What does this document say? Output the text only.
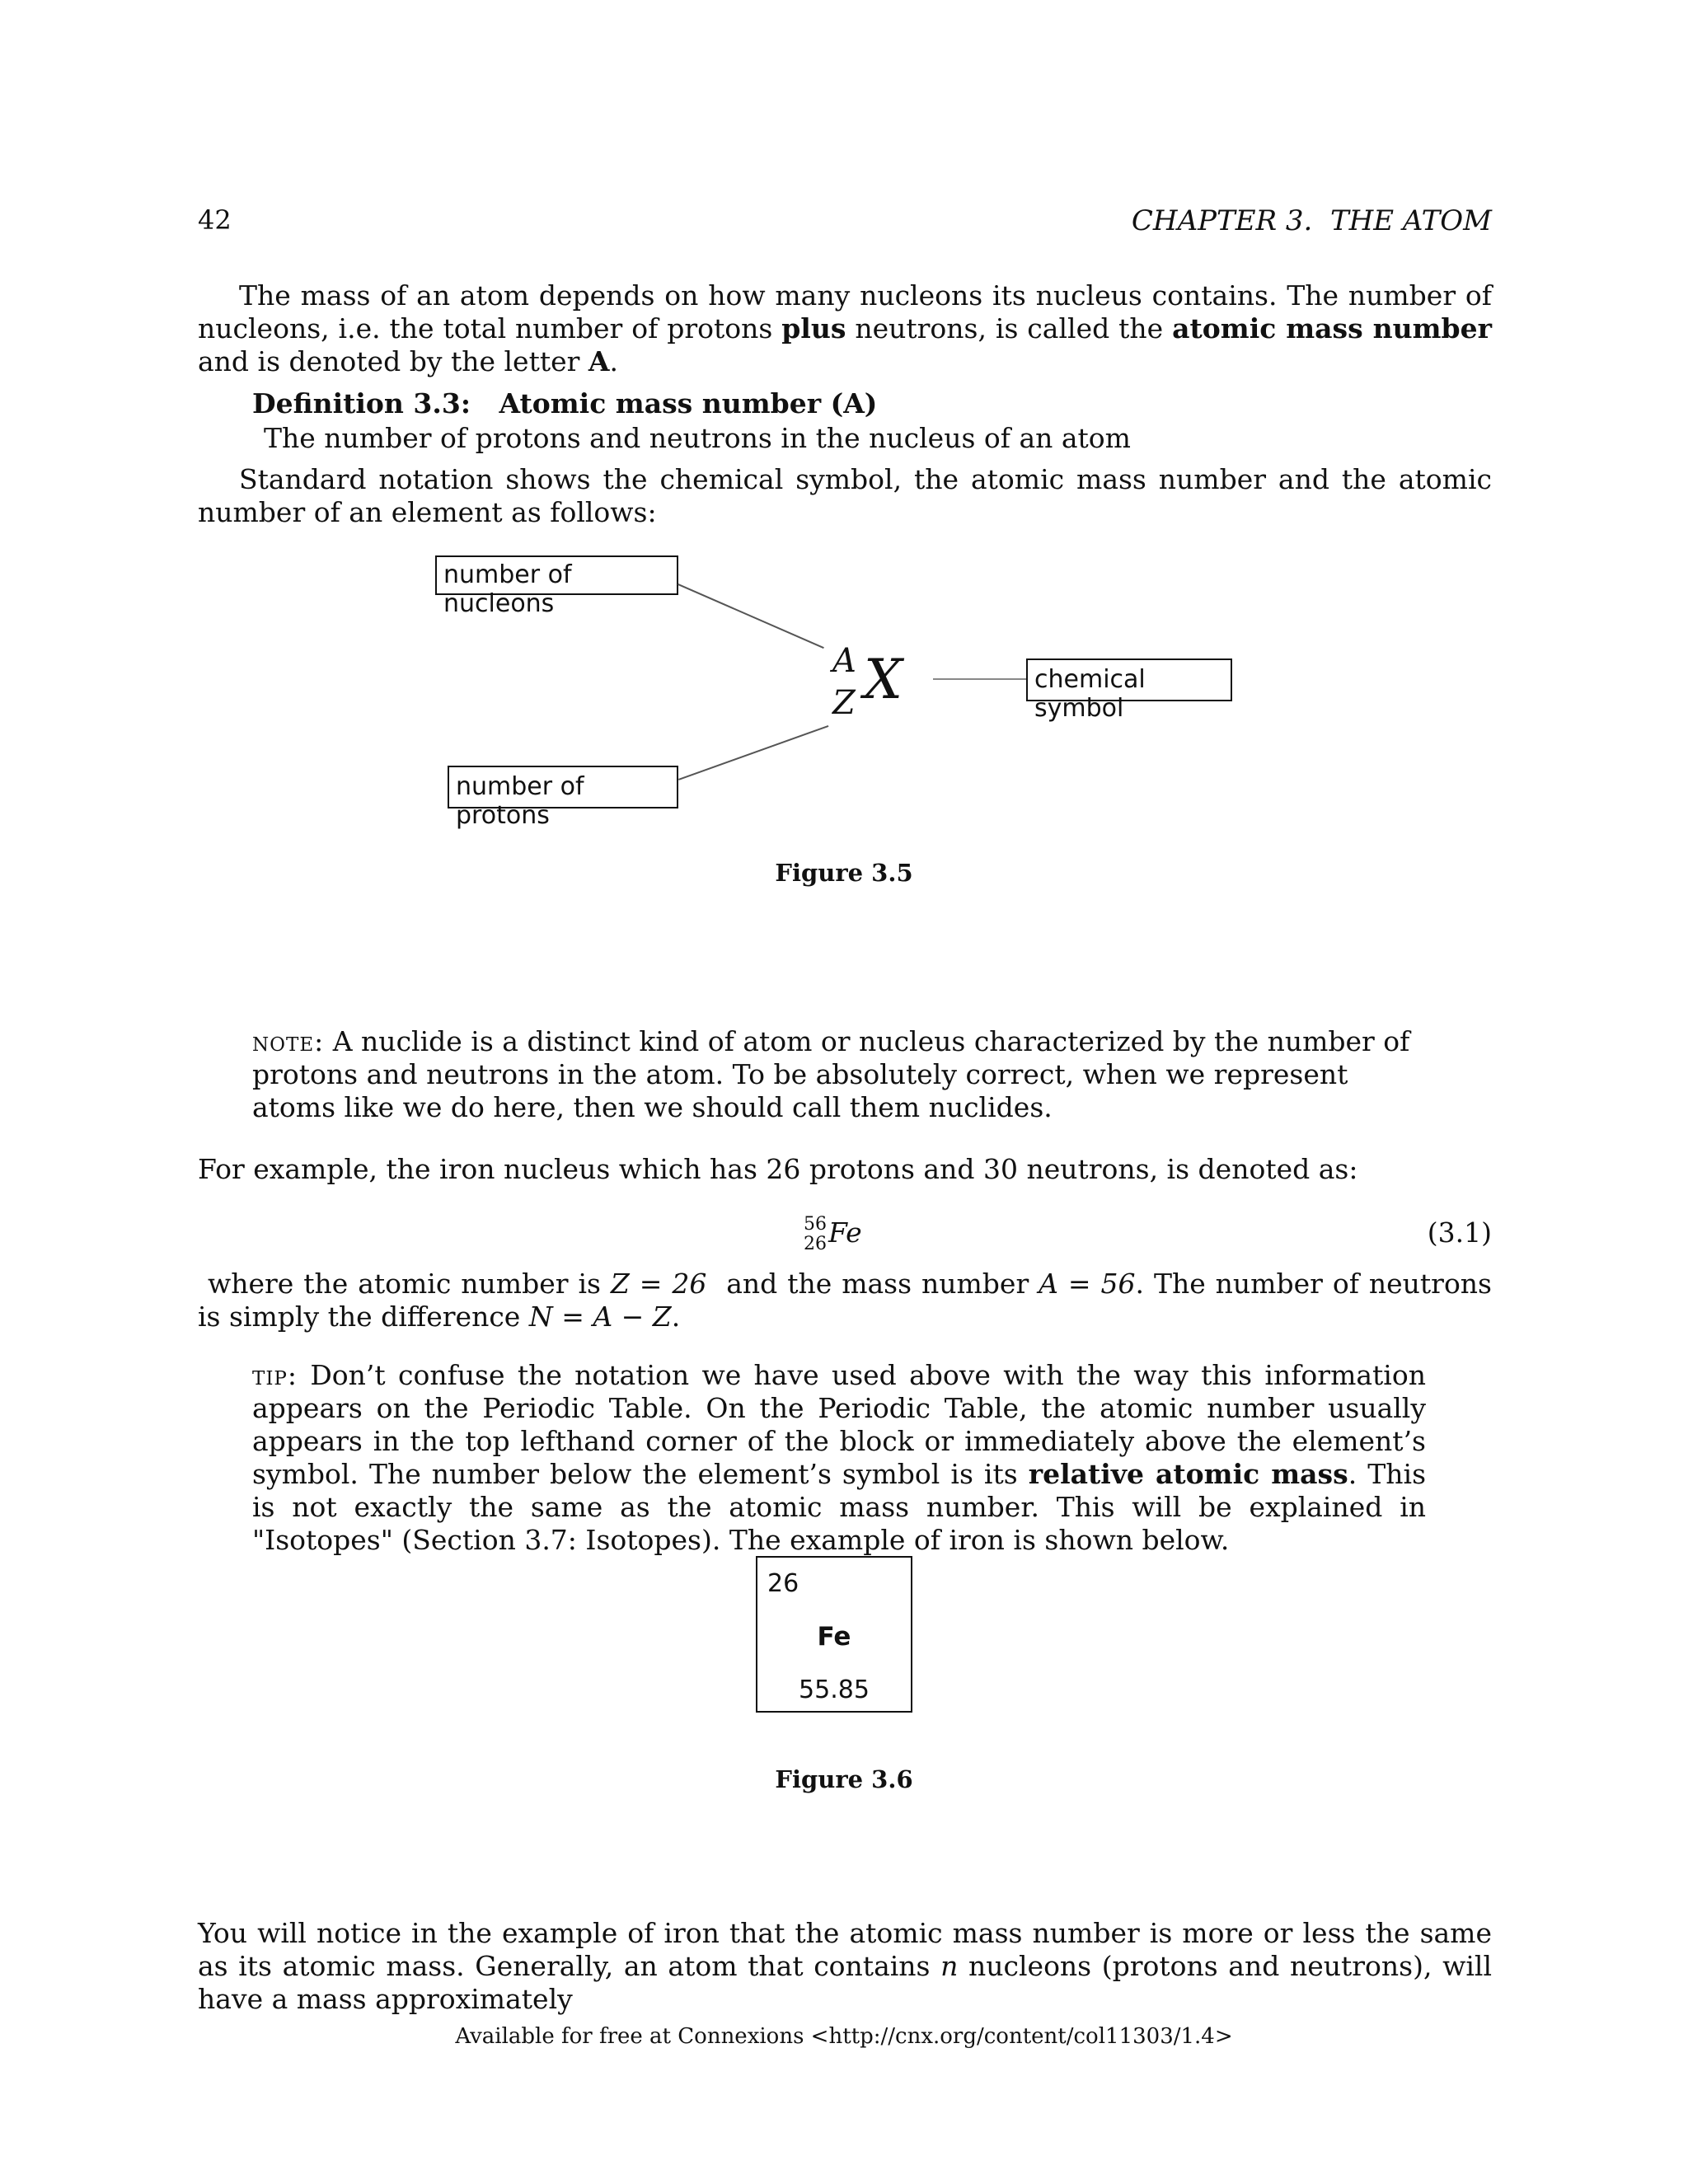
42	CHAPTER 3.  THE ATOM
The mass of an atom depends on how many nucleons its nucleus contains. The number of nucleons, i.e. the total number of protons plus neutrons, is called the atomic mass number and is denoted by the letter A.
Definition 3.3: Atomic mass number (A)
The number of protons and neutrons in the nucleus of an atom
Standard notation shows the chemical symbol, the atomic mass number and the atomic number of an element as follows:
number of nucleons
number of protons
chemical symbol
A
Z X
Figure 3.5
note: A nuclide is a distinct kind of atom or nucleus characterized by the number of protons and neutrons in the atom. To be absolutely correct, when we represent atoms like we do here, then we should call them nuclides.
For example, the iron nucleus which has 26 protons and 30 neutrons, is denoted as:
56
26 Fe	(3.1)
where the atomic number is Z = 26  and the mass number A = 56. The number of neutrons is simply the difference N = A − Z.
tip: Don’t confuse the notation we have used above with the way this information appears on the Periodic Table. On the Periodic Table, the atomic number usually appears in the top lefthand corner of the block or immediately above the element’s symbol. The number below the element’s symbol is its relative atomic mass. This is not exactly the same as the atomic mass number. This will be explained in "Isotopes" (Section 3.7: Isotopes). The example of iron is shown below.
26
Fe
55.85
Figure 3.6
You will notice in the example of iron that the atomic mass number is more or less the same as its atomic mass. Generally, an atom that contains n nucleons (protons and neutrons), will have a mass approximately
Available for free at Connexions <http://cnx.org/content/col11303/1.4>
